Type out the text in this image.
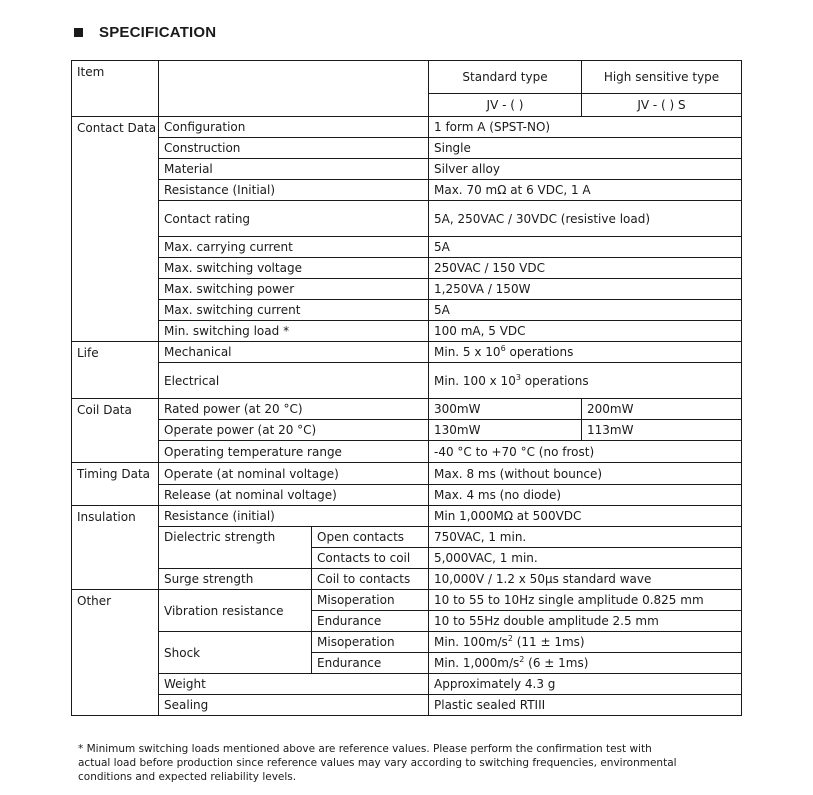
SPECIFICATION
Item			Standard type	High sensitive type
			JV - ( )	JV - ( ) S
Contact Data	Configuration		1 form A (SPST-NO)	
	Construction		Single	
	Material		Silver alloy	
	Resistance (Initial)		Max. 70 mΩ at 6 VDC, 1 A	
	Contact rating		5A, 250VAC / 30VDC (resistive load)	
	Max. carrying current		5A	
	Max. switching voltage		250VAC / 150 VDC	
	Max. switching power		1,250VA / 150W	
	Max. switching current		5A	
	Min. switching load *		100 mA, 5 VDC	
Life	Mechanical		Min. 5 x $10^6$ operations	
	Electrical		Min. 100 x $10^3$ operations	
Coil Data	Rated power (at 20 °C)		300mW	200mW
	Operate power (at 20 °C)		130mW	113mW
	Operating temperature range		-40 °C to +70 °C (no frost)	
Timing Data	Operate (at nominal voltage)		Max. 8 ms (without bounce)	
	Release (at nominal voltage)		Max. 4 ms (no diode)	
Insulation	Resistance (initial)		Min 1,000MΩ at 500VDC	
	Dielectric strength	Open contacts	750VAC, 1 min.	
		Contacts to coil	5,000VAC, 1 min.	
	Surge strength	Coil to contacts	10,000V / 1.2 x 50µs standard wave	
Other	Vibration resistance	Misoperation	10 to 55 to 10Hz single amplitude 0.825 mm	
		Endurance	10 to 55Hz double amplitude 2.5 mm	
	Shock	Misoperation	Min. $100m/s^2$ (11 ± 1ms)	
		Endurance	Min. $1,000m/s^2$ (6 ± 1ms)	
	Weight		Approximately 4.3 g	
	Sealing		Plastic sealed RTIII	
* Minimum switching loads mentioned above are reference values. Please perform the confirmation test with actual load before production since reference values may vary according to switching frequencies, environmental conditions and expected reliability levels.
